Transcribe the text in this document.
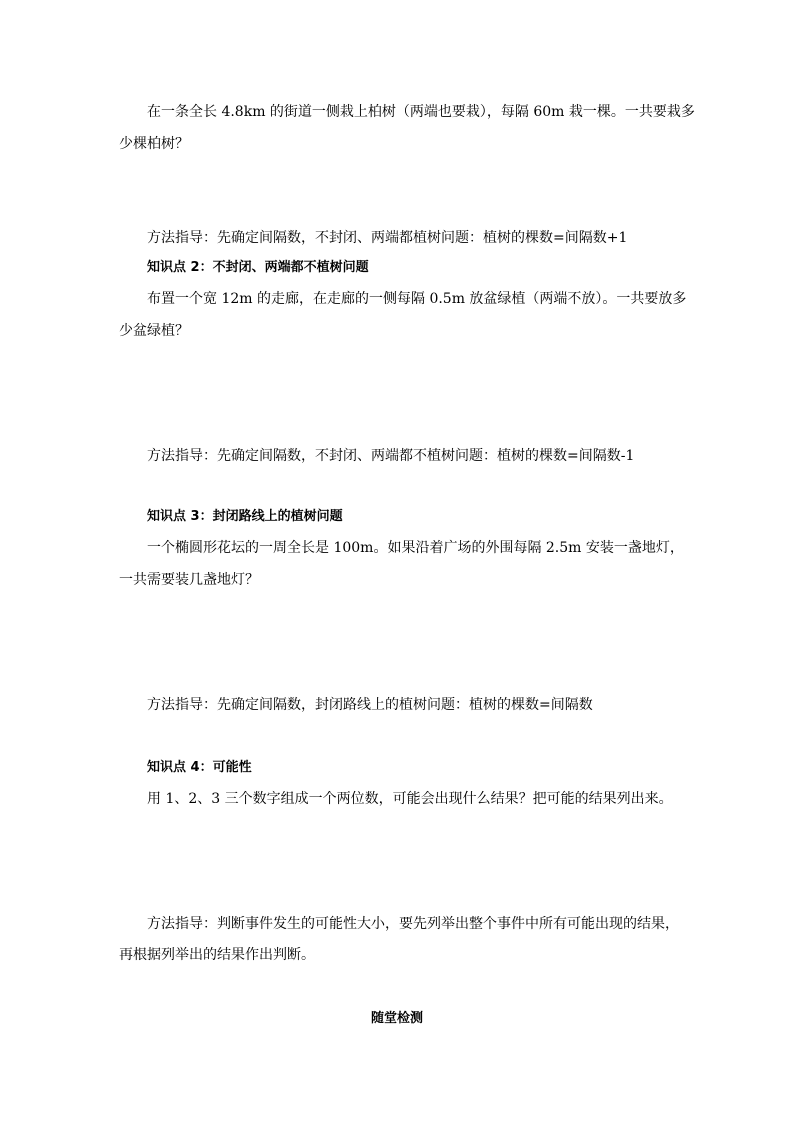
在一条全长 4.8km 的街道一侧栽上柏树（两端也要栽），每隔 60m 栽一棵。一共要栽多
少棵柏树？
方法指导：先确定间隔数，不封闭、两端都植树问题：植树的棵数=间隔数+1
知识点 2：不封闭、两端都不植树问题
布置一个宽 12m 的走廊，在走廊的一侧每隔 0.5m 放盆绿植（两端不放）。一共要放多
少盆绿植？
方法指导：先确定间隔数，不封闭、两端都不植树问题：植树的棵数=间隔数-1
知识点 3：封闭路线上的植树问题
一个椭圆形花坛的一周全长是 100m。如果沿着广场的外围每隔 2.5m 安装一盏地灯，
一共需要装几盏地灯？
方法指导：先确定间隔数，封闭路线上的植树问题：植树的棵数=间隔数
知识点 4：可能性
用 1、2、3 三个数字组成一个两位数，可能会出现什么结果？把可能的结果列出来。
方法指导：判断事件发生的可能性大小，要先列举出整个事件中所有可能出现的结果，
再根据列举出的结果作出判断。
随堂检测
